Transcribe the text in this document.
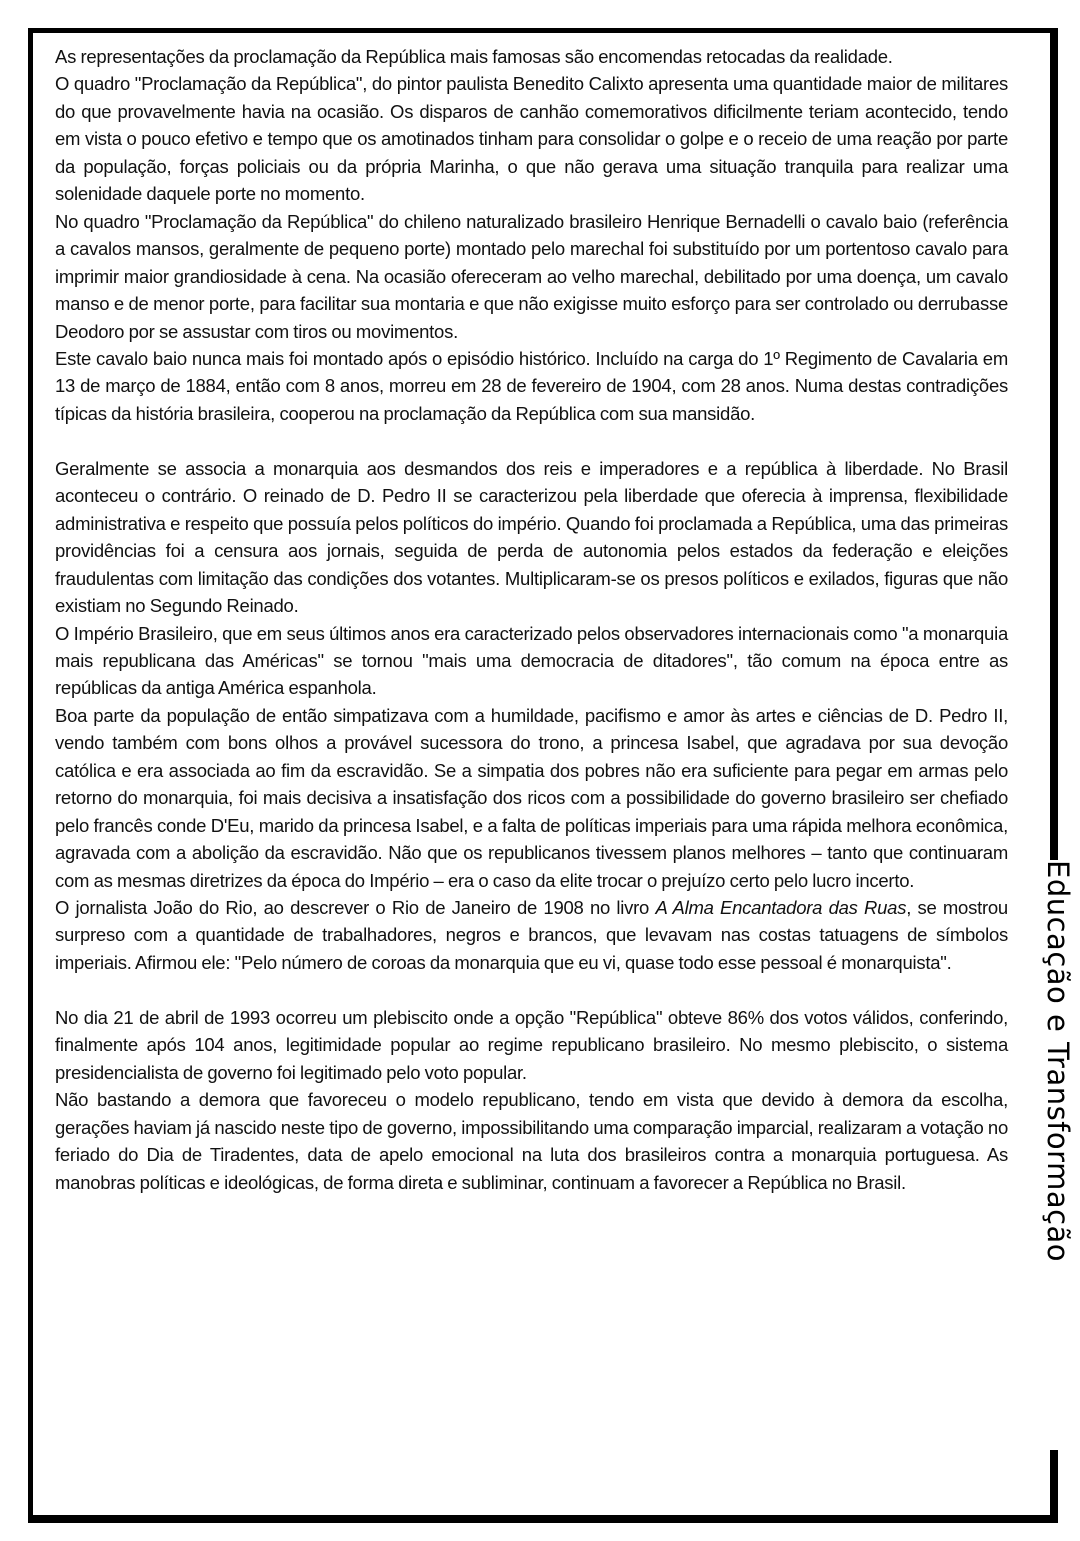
As representações da proclamação da República mais famosas são encomendas retocadas da realidade.

O quadro "Proclamação da República", do pintor paulista Benedito Calixto apresenta uma quantidade maior de militares do que provavelmente havia na ocasião. Os disparos de canhão comemorativos dificilmente teriam acontecido, tendo em vista o pouco efetivo e tempo que os amotinados tinham para consolidar o golpe e o receio de uma reação por parte da população, forças policiais ou da própria Marinha, o que não gerava uma situação tranquila para realizar uma solenidade daquele porte no momento.

No quadro "Proclamação da República" do chileno naturalizado brasileiro Henrique Bernadelli o cavalo baio (referência a cavalos mansos, geralmente de pequeno porte) montado pelo marechal foi substituído por um portentoso cavalo para imprimir maior grandiosidade à cena. Na ocasião ofereceram ao velho marechal, debilitado por uma doença, um cavalo manso e de menor porte, para facilitar sua montaria e que não exigisse muito esforço para ser controlado ou derrubasse Deodoro por se assustar com tiros ou movimentos.

Este cavalo baio nunca mais foi montado após o episódio histórico. Incluído na carga do 1º Regimento de Cavalaria em 13 de março de 1884, então com 8 anos, morreu em 28 de fevereiro de 1904, com 28 anos. Numa destas contradições típicas da história brasileira, cooperou na proclamação da República com sua mansidão.

Geralmente se associa a monarquia aos desmandos dos reis e imperadores e a república à liberdade. No Brasil aconteceu o contrário. O reinado de D. Pedro II se caracterizou pela liberdade que oferecia à imprensa, flexibilidade administrativa e respeito que possuía pelos políticos do império. Quando foi proclamada a República, uma das primeiras providências foi a censura aos jornais, seguida de perda de autonomia pelos estados da federação e eleições fraudulentas com limitação das condições dos votantes. Multiplicaram-se os presos políticos e exilados, figuras que não existiam no Segundo Reinado.

O Império Brasileiro, que em seus últimos anos era caracterizado pelos observadores internacionais como "a monarquia mais republicana das Américas" se tornou "mais uma democracia de ditadores", tão comum na época entre as repúblicas da antiga América espanhola.

Boa parte da população de então simpatizava com a humildade, pacifismo e amor às artes e ciências de D. Pedro II, vendo também com bons olhos a provável sucessora do trono, a princesa Isabel, que agradava por sua devoção católica e era associada ao fim da escravidão. Se a simpatia dos pobres não era suficiente para pegar em armas pelo retorno do monarquia, foi mais decisiva a insatisfação dos ricos com a possibilidade do governo brasileiro ser chefiado pelo francês conde D'Eu, marido da princesa Isabel, e a falta de políticas imperiais para uma rápida melhora econômica, agravada com a abolição da escravidão. Não que os republicanos tivessem planos melhores – tanto que continuaram com as mesmas diretrizes da época do Império – era o caso da elite trocar o prejuízo certo pelo lucro incerto.

O jornalista João do Rio, ao descrever o Rio de Janeiro de 1908 no livro A Alma Encantadora das Ruas, se mostrou surpreso com a quantidade de trabalhadores, negros e brancos, que levavam nas costas tatuagens de símbolos imperiais. Afirmou ele: "Pelo número de coroas da monarquia que eu vi, quase todo esse pessoal é monarquista".

No dia 21 de abril de 1993 ocorreu um plebiscito onde a opção "República" obteve 86% dos votos válidos, conferindo, finalmente após 104 anos, legitimidade popular ao regime republicano brasileiro. No mesmo plebiscito, o sistema presidencialista de governo foi legitimado pelo voto popular.

Não bastando a demora que favoreceu o modelo republicano, tendo em vista que devido à demora da escolha, gerações haviam já nascido neste tipo de governo, impossibilitando uma comparação imparcial, realizaram a votação no feriado do Dia de Tiradentes, data de apelo emocional na luta dos brasileiros contra a monarquia portuguesa. As manobras políticas e ideológicas, de forma direta e subliminar, continuam a favorecer a República no Brasil.	Educação e Transformação
